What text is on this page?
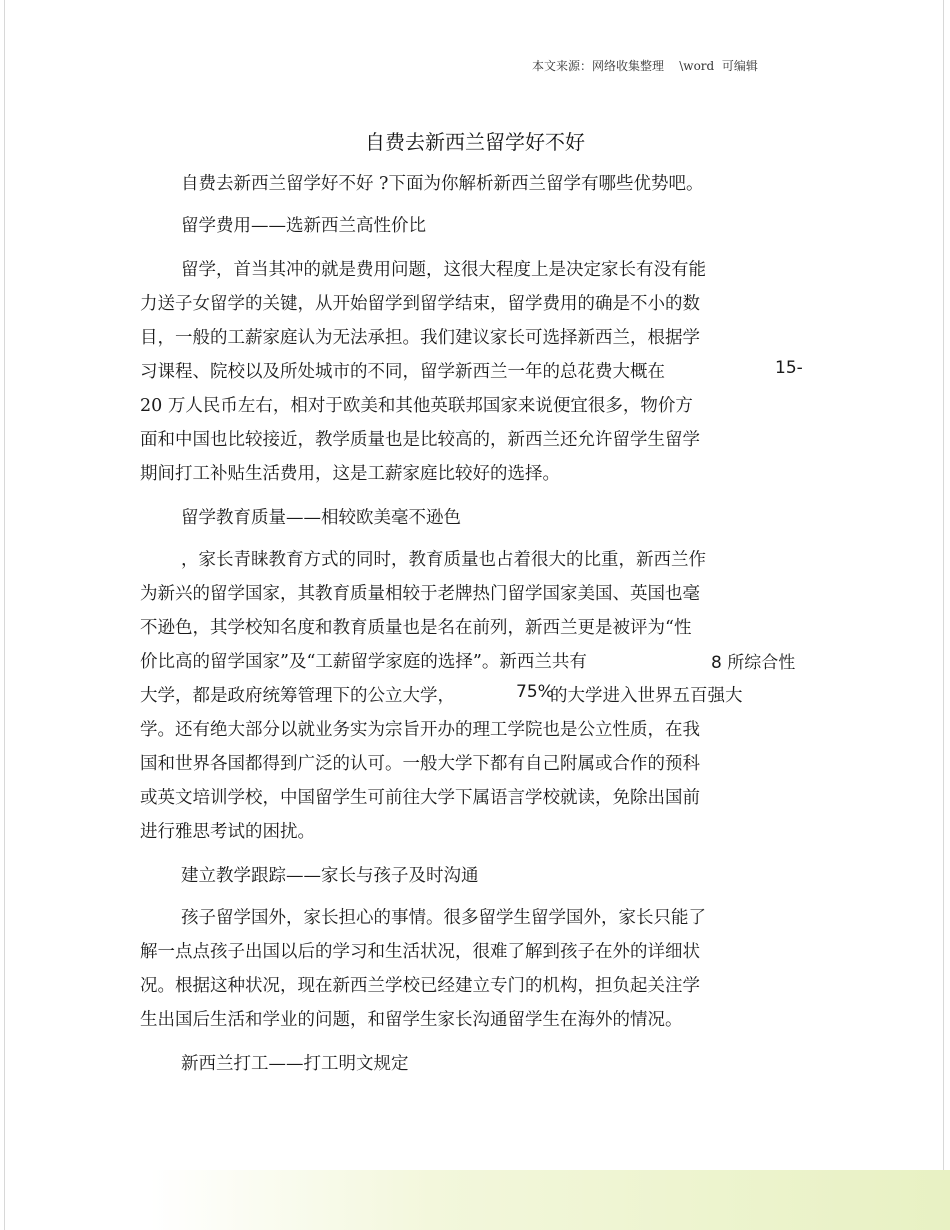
本文来源：网络收集整理    \word  可编辑
自费去新西兰留学好不好
自费去新西兰留学好不好 ?下面为你解析新西兰留学有哪些优势吧。
留学费用——选新西兰高性价比
留学，首当其冲的就是费用问题，这很大程度上是决定家长有没有能
力送子女留学的关键，从开始留学到留学结束，留学费用的确是不小的数
目，一般的工薪家庭认为无法承担。我们建议家长可选择新西兰，根据学
习课程、院校以及所处城市的不同，留学新西兰一年的总花费大概在	15-
20 万人民币左右，相对于欧美和其他英联邦国家来说便宜很多，物价方
面和中国也比较接近，教学质量也是比较高的，新西兰还允许留学生留学
期间打工补贴生活费用，这是工薪家庭比较好的选择。
留学教育质量——相较欧美毫不逊色
，家长青睐教育方式的同时，教育质量也占着很大的比重，新西兰作
为新兴的留学国家，其教育质量相较于老牌热门留学国家美国、英国也毫
不逊色，其学校知名度和教育质量也是名在前列，新西兰更是被评为“性
价比高的留学国家”及“工薪留学家庭的选择”。新西兰共有	8 所综合性
大学，都是政府统筹管理下的公立大学，	75%
的大学进入世界五百强大
学。还有绝大部分以就业务实为宗旨开办的理工学院也是公立性质，在我
国和世界各国都得到广泛的认可。一般大学下都有自己附属或合作的预科
或英文培训学校，中国留学生可前往大学下属语言学校就读，免除出国前
进行雅思考试的困扰。
建立教学跟踪——家长与孩子及时沟通
孩子留学国外，家长担心的事情。很多留学生留学国外，家长只能了
解一点点孩子出国以后的学习和生活状况，很难了解到孩子在外的详细状
况。根据这种状况，现在新西兰学校已经建立专门的机构，担负起关注学
生出国后生活和学业的问题，和留学生家长沟通留学生在海外的情况。
新西兰打工——打工明文规定
